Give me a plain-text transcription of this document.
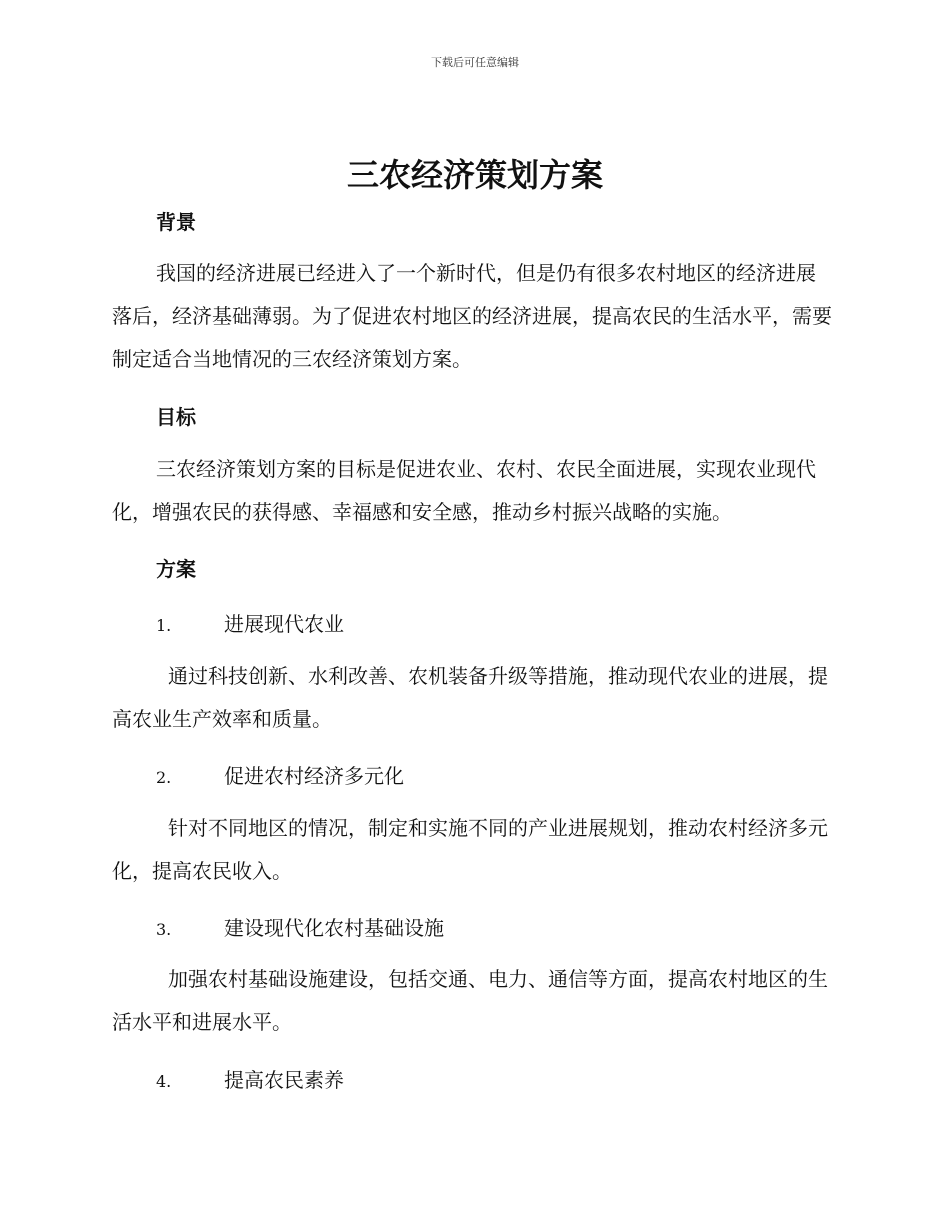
下载后可任意编辑
三农经济策划方案
背景

我国的经济进展已经进入了一个新时代，但是仍有很多农村地区的经济进展落后，经济基础薄弱。为了促进农村地区的经济进展，提高农民的生活水平，需要制定适合当地情况的三农经济策划方案。

目标

三农经济策划方案的目标是促进农业、农村、农民全面进展，实现农业现代化，增强农民的获得感、幸福感和安全感，推动乡村振兴战略的实施。

方案
1.	进展现代农业

通过科技创新、水利改善、农机装备升级等措施，推动现代农业的进展，提高农业生产效率和质量。

2.	促进农村经济多元化

针对不同地区的情况，制定和实施不同的产业进展规划，推动农村经济多元化，提高农民收入。

3.	建设现代化农村基础设施

加强农村基础设施建设，包括交通、电力、通信等方面，提高农村地区的生活水平和进展水平。

4.	提高农民素养
